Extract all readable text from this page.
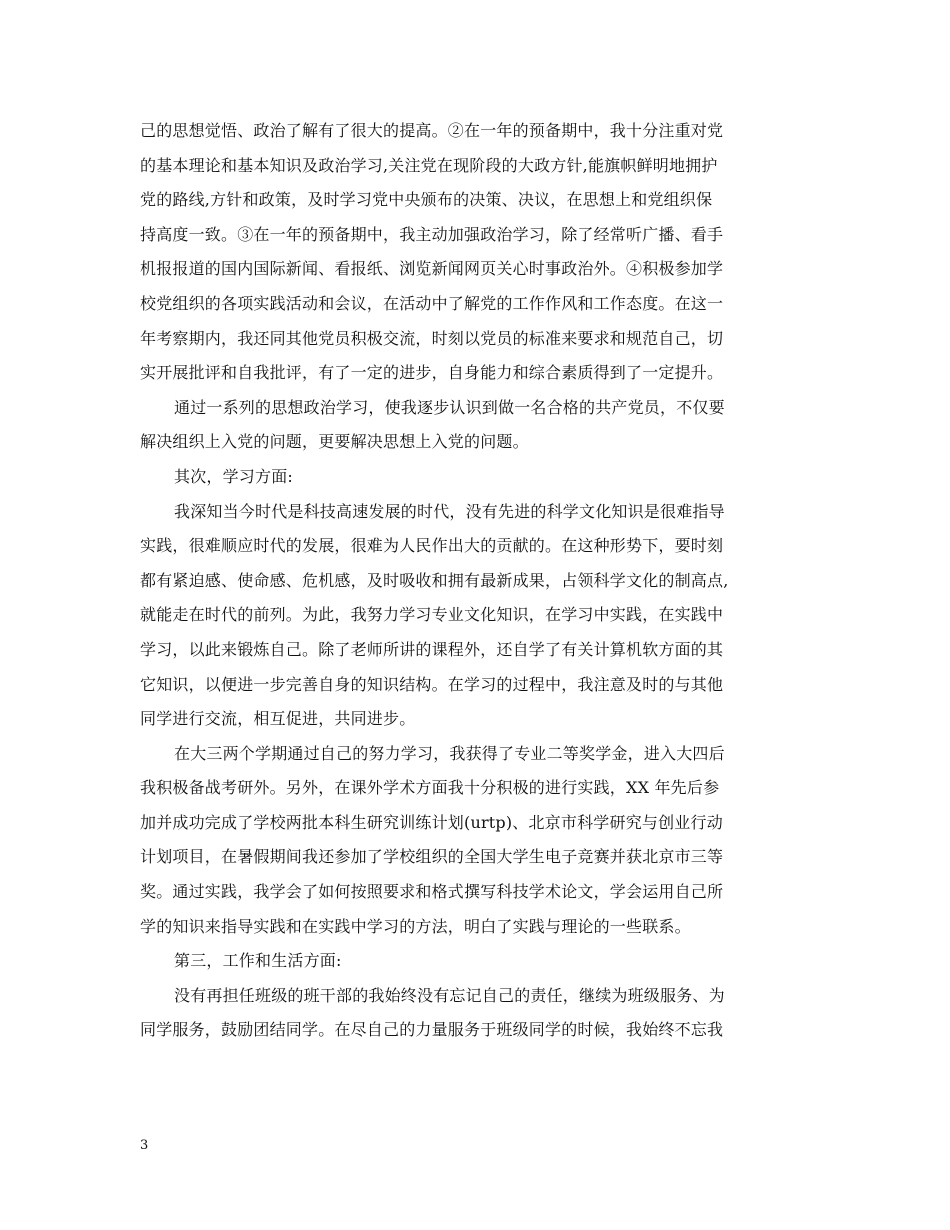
己的思想觉悟、政治了解有了很大的提高。②在一年的预备期中，我十分注重对党
的基本理论和基本知识及政治学习,关注党在现阶段的大政方针,能旗帜鲜明地拥护
党的路线,方针和政策，及时学习党中央颁布的决策、决议，在思想上和党组织保
持高度一致。③在一年的预备期中，我主动加强政治学习，除了经常听广播、看手
机报报道的国内国际新闻、看报纸、浏览新闻网页关心时事政治外。④积极参加学
校党组织的各项实践活动和会议，在活动中了解党的工作作风和工作态度。在这一
年考察期内，我还同其他党员积极交流，时刻以党员的标准来要求和规范自己，切
实开展批评和自我批评，有了一定的进步，自身能力和综合素质得到了一定提升。
通过一系列的思想政治学习，使我逐步认识到做一名合格的共产党员，不仅要
解决组织上入党的问题，更要解决思想上入党的问题。
其次，学习方面:
我深知当今时代是科技高速发展的时代，没有先进的科学文化知识是很难指导
实践，很难顺应时代的发展，很难为人民作出大的贡献的。在这种形势下，要时刻
都有紧迫感、使命感、危机感，及时吸收和拥有最新成果，占领科学文化的制高点,
就能走在时代的前列。为此，我努力学习专业文化知识，在学习中实践，在实践中
学习，以此来锻炼自己。除了老师所讲的课程外，还自学了有关计算机软方面的其
它知识，以便进一步完善自身的知识结构。在学习的过程中，我注意及时的与其他
同学进行交流，相互促进，共同进步。
在大三两个学期通过自己的努力学习，我获得了专业二等奖学金，进入大四后
我积极备战考研外。另外，在课外学术方面我十分积极的进行实践，XX 年先后参
加并成功完成了学校两批本科生研究训练计划(urtp)、北京市科学研究与创业行动
计划项目，在暑假期间我还参加了学校组织的全国大学生电子竞赛并获北京市三等
奖。通过实践，我学会了如何按照要求和格式撰写科技学术论文，学会运用自己所
学的知识来指导实践和在实践中学习的方法，明白了实践与理论的一些联系。
第三，工作和生活方面:
没有再担任班级的班干部的我始终没有忘记自己的责任，继续为班级服务、为
同学服务，鼓励团结同学。在尽自己的力量服务于班级同学的时候，我始终不忘我
3
